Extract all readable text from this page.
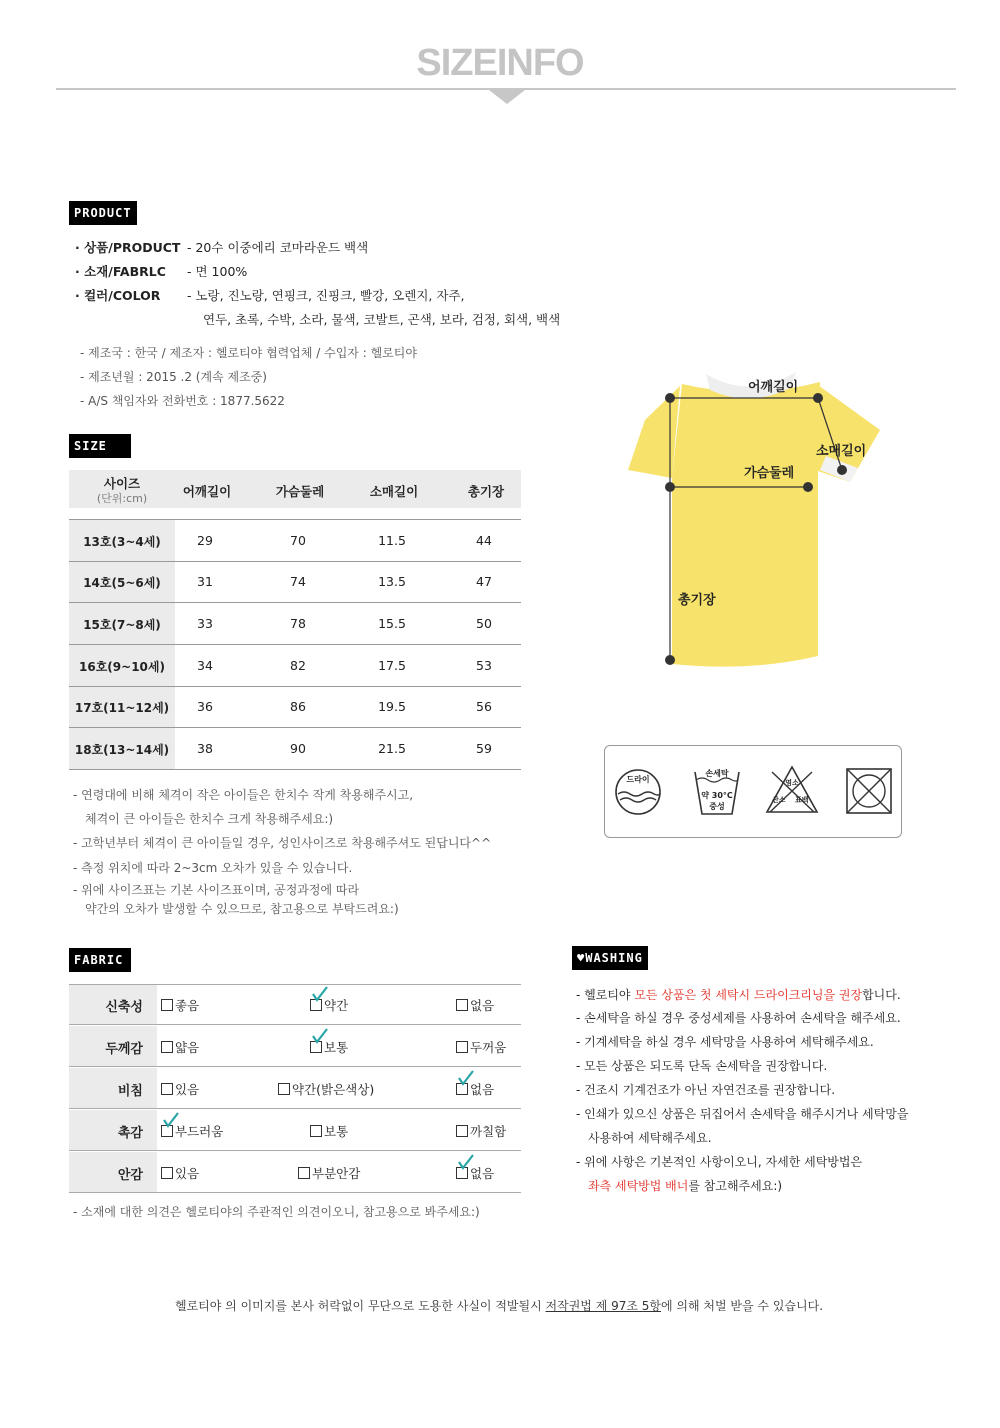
SIZEINFO
PRODUCT
· 상품/PRODUCT - 20수 이중에리 코마라운드 백색
· 소재/FABRLC - 면 100%
· 컬러/COLOR - 노랑, 진노랑, 연핑크, 진핑크, 빨강, 오렌지, 자주,
연두, 초록, 수박, 소라, 물색, 코발트, 곤색, 보라, 검정, 회색, 백색
- 제조국 : 한국 / 제조자 : 헬로티야 협력업체 / 수입자 : 헬로티야
- 제조년월 : 2015 .2 (계속 제조중)
- A/S 책임자와 전화번호 : 1877.5622
SIZE
사이즈
(단위:cm)	어깨길이	가슴둘레	소매길이	총기장
13호(3~4세)	29	70	11.5	44
14호(5~6세)	31	74	13.5	47
15호(7~8세)	33	78	15.5	50
16호(9~10세)	34	82	17.5	53
17호(11~12세)	36	86	19.5	56
18호(13~14세)	38	90	21.5	59
- 연령대에 비해 체격이 작은 아이들은 한치수 작게 착용해주시고,
체격이 큰 아이들은 한치수 크게 착용해주세요:)
- 고학년부터 체격이 큰 아이들일 경우, 성인사이즈로 착용해주셔도 된답니다^^
- 측정 위치에 따라 2~3cm 오차가 있을 수 있습니다.
- 위에 사이즈표는 기본 사이즈표이며, 공정과정에 따라
약간의 오차가 발생할 수 있으므로, 참고용으로 부탁드려요:)
어깨길이
소매길이
가슴둘레
총기장
드라이
손세탁
약 30°C
중성
염소
산소 표백
FABRIC
신축성	좋음	약간	없음
두께감	얇음	보통	두꺼움
비침	있음	약간(밝은색상)	없음
촉감	부드러움	보통	까칠함
안감	있음	부분안감	없음
- 소재에 대한 의견은 헬로티야의 주관적인 의견이오니, 참고용으로 봐주세요:)
♥WASHING
- 헬로티야 모든 상품은 첫 세탁시 드라이크리닝을 권장합니다.
- 손세탁을 하실 경우 중성세제를 사용하여 손세탁을 해주세요.
- 기계세탁을 하실 경우 세탁망을 사용하여 세탁해주세요.
- 모든 상품은 되도록 단독 손세탁을 권장합니다.
- 건조시 기계건조가 아닌 자연건조를 권장합니다.
- 인쇄가 있으신 상품은 뒤집어서 손세탁을 해주시거나 세탁망을
사용하여 세탁해주세요.
- 위에 사항은 기본적인 사항이오니, 자세한 세탁방법은
좌측 세탁방법 배너를 참고해주세요:)
헬로티야 의 이미지를 본사 허락없이 무단으로 도용한 사실이 적발될시 저작권법 제 97조 5항에 의해 처벌 받을 수 있습니다.
